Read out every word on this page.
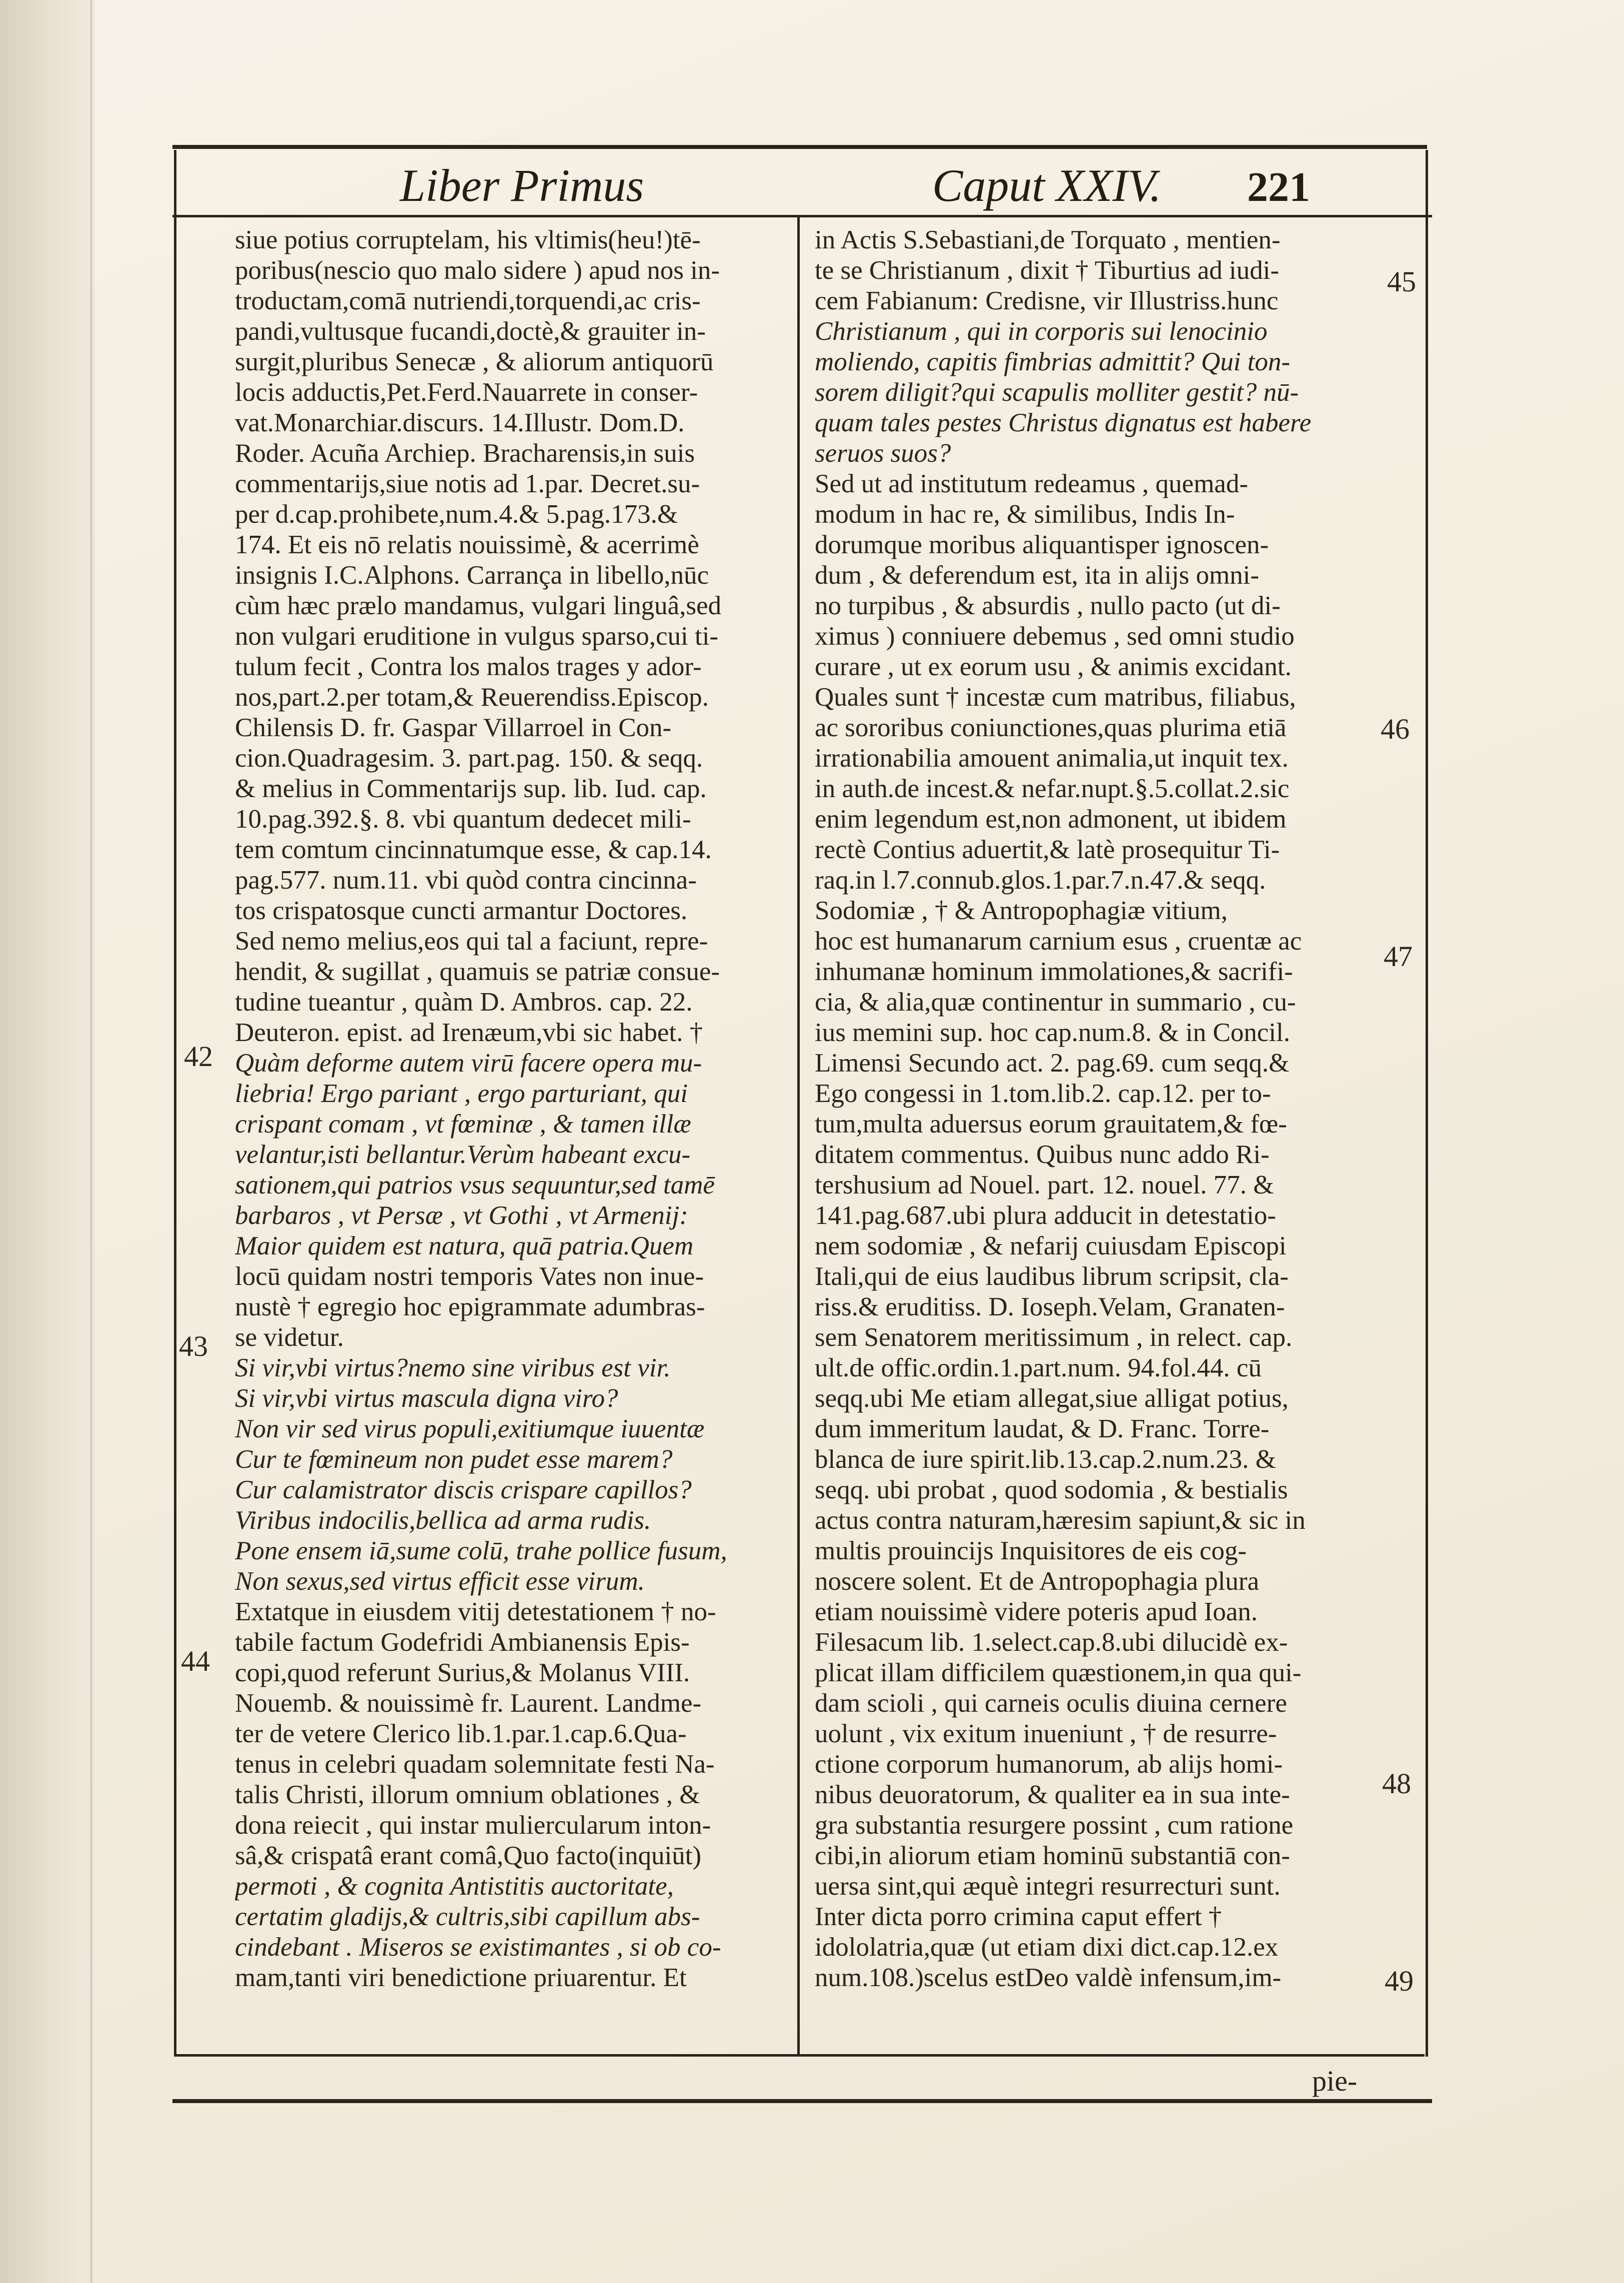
Liber Primus	Caput XXIV. 221
siue potius corruptelam, his vltimis(heu!)tē-
poribus(nescio quo malo sidere ) apud nos in-
troductam,comā nutriendi,torquendi,ac cris-
pandi,vultusque fucandi,doctè,& grauiter in-
surgit,pluribus Senecæ , & aliorum antiquorū
locis adductis,Pet.Ferd.Nauarrete in conser-
vat.Monarchiar.discurs. 14.Illustr. Dom.D.
Roder. Acuña Archiep. Bracharensis,in suis
commentarijs,siue notis ad 1.par. Decret.su-
per d.cap.prohibete,num.4.& 5.pag.173.&
174. Et eis nō relatis nouissimè, & acerrimè
insignis I.C.Alphons. Carrança in libello,nūc
cùm hæc prælo mandamus, vulgari linguâ,sed
non vulgari eruditione in vulgus sparso,cui ti-
tulum fecit , Contra los malos trages y ador-
nos,part.2.per totam,& Reuerendiss.Episcop.
Chilensis D. fr. Gaspar Villarroel in Con-
cion.Quadragesim. 3. part.pag. 150. & seqq.
& melius in Commentarijs sup. lib. Iud. cap.
10.pag.392.§. 8. vbi quantum dedecet mili-
tem comtum cincinnatumque esse, & cap.14.
pag.577. num.11. vbi quòd contra cincinna-
tos crispatosque cuncti armantur Doctores.
Sed nemo melius,eos qui tal a faciunt, repre-
hendit, & sugillat , quamuis se patriæ consue-
tudine tueantur , quàm D. Ambros. cap. 22.
Deuteron. epist. ad Irenæum,vbi sic habet. †
Quàm deforme autem virū facere opera mu-
liebria! Ergo pariant , ergo parturiant, qui
crispant comam , vt fœminæ , & tamen illæ
velantur,isti bellantur.Verùm habeant excu-
sationem,qui patrios vsus sequuntur,sed tamē
barbaros , vt Persæ , vt Gothi , vt Armenij:
Maior quidem est natura, quā patria.Quem
locū quidam nostri temporis Vates non inue-
nustè † egregio hoc epigrammate adumbras-
se videtur.
Si vir,vbi virtus?nemo sine viribus est vir.
Si vir,vbi virtus mascula digna viro?
Non vir sed virus populi,exitiumque iuuentæ
Cur te fœmineum non pudet esse marem?
Cur calamistrator discis crispare capillos?
Viribus indocilis,bellica ad arma rudis.
Pone ensem iā,sume colū, trahe pollice fusum,
Non sexus,sed virtus efficit esse virum.
Extatque in eiusdem vitij detestationem † no-
tabile factum Godefridi Ambianensis Epis-
copi,quod referunt Surius,& Molanus VIII.
Nouemb. & nouissimè fr. Laurent. Landme-
ter de vetere Clerico lib.1.par.1.cap.6.Qua-
tenus in celebri quadam solemnitate festi Na-
talis Christi, illorum omnium oblationes , &
dona reiecit , qui instar muliercularum inton-
sâ,& crispatâ erant comâ,Quo facto(inquiūt)
permoti , & cognita Antistitis auctoritate,
certatim gladijs,& cultris,sibi capillum abs-
cindebant . Miseros se existimantes , si ob co-
mam,tanti viri benedictione priuarentur. Et
in Actis S.Sebastiani,de Torquato , mentien-
te se Christianum , dixit † Tiburtius ad iudi-
cem Fabianum: Credisne, vir Illustriss.hunc
Christianum , qui in corporis sui lenocinio
moliendo, capitis fimbrias admittit? Qui ton-
sorem diligit?qui scapulis molliter gestit? nū-
quam tales pestes Christus dignatus est habere
seruos suos?
Sed ut ad institutum redeamus , quemad-
modum in hac re, & similibus, Indis In-
dorumque moribus aliquantisper ignoscen-
dum , & deferendum est, ita in alijs omni-
no turpibus , & absurdis , nullo pacto (ut di-
ximus ) conniuere debemus , sed omni studio
curare , ut ex eorum usu , & animis excidant.
Quales sunt † incestæ cum matribus, filiabus,
ac sororibus coniunctiones,quas plurima etiā
irrationabilia amouent animalia,ut inquit tex.
in auth.de incest.& nefar.nupt.§.5.collat.2.sic
enim legendum est,non admonent, ut ibidem
rectè Contius aduertit,& latè prosequitur Ti-
raq.in l.7.connub.glos.1.par.7.n.47.& seqq.
Sodomiæ , † & Antropophagiæ vitium,
hoc est humanarum carnium esus , cruentæ ac
inhumanæ hominum immolationes,& sacrifi-
cia, & alia,quæ continentur in summario , cu-
ius memini sup. hoc cap.num.8. & in Concil.
Limensi Secundo act. 2. pag.69. cum seqq.&
Ego congessi in 1.tom.lib.2. cap.12. per to-
tum,multa aduersus eorum grauitatem,& fœ-
ditatem commentus. Quibus nunc addo Ri-
tershusium ad Nouel. part. 12. nouel. 77. &
141.pag.687.ubi plura adducit in detestatio-
nem sodomiæ , & nefarij cuiusdam Episcopi
Itali,qui de eius laudibus librum scripsit, cla-
riss.& eruditiss. D. Ioseph.Velam, Granaten-
sem Senatorem meritissimum , in relect. cap.
ult.de offic.ordin.1.part.num. 94.fol.44. cū
seqq.ubi Me etiam allegat,siue alligat potius,
dum immeritum laudat, & D. Franc. Torre-
blanca de iure spirit.lib.13.cap.2.num.23. &
seqq. ubi probat , quod sodomia , & bestialis
actus contra naturam,hæresim sapiunt,& sic in
multis prouincijs Inquisitores de eis cog-
noscere solent. Et de Antropophagia plura
etiam nouissimè videre poteris apud Ioan.
Filesacum lib. 1.select.cap.8.ubi dilucidè ex-
plicat illam difficilem quæstionem,in qua qui-
dam scioli , qui carneis oculis diuina cernere
uolunt , vix exitum inueniunt , † de resurre-
ctione corporum humanorum, ab alijs homi-
nibus deuoratorum, & qualiter ea in sua inte-
gra substantia resurgere possint , cum ratione
cibi,in aliorum etiam hominū substantiā con-
uersa sint,qui æquè integri resurrecturi sunt.
Inter dicta porro crimina caput effert †
idololatria,quæ (ut etiam dixi dict.cap.12.ex
num.108.)scelus estDeo valdè infensum,im-
42
43
44
45
46
47
48
49
pie-
